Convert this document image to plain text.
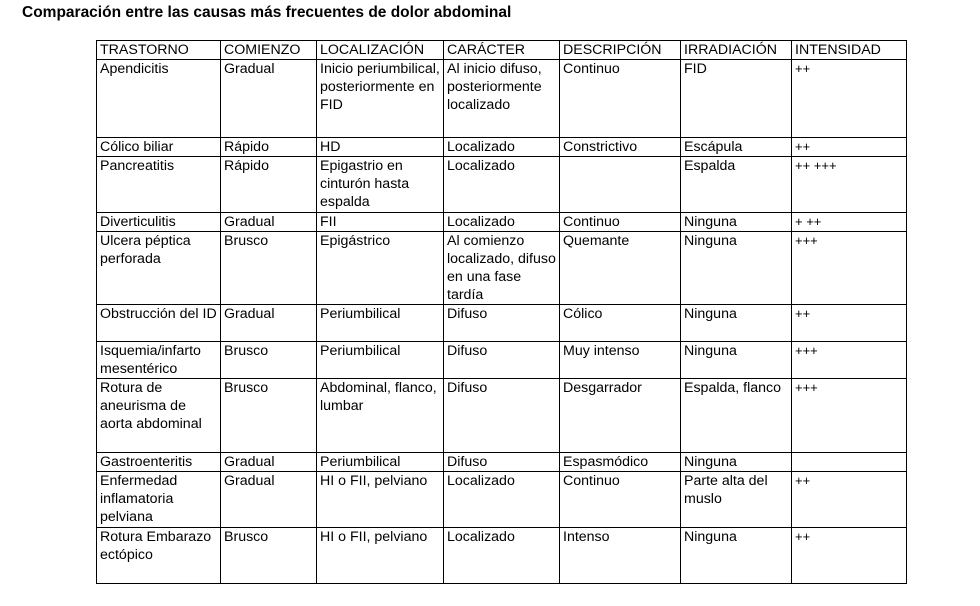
Comparación entre las causas más frecuentes de dolor abdominal
TRASTORNO	COMIENZO	LOCALIZACIÓN	CARÁCTER	DESCRIPCIÓN	IRRADIACIÓN	INTENSIDAD
Apendicitis	Gradual	Inicio periumbilical, posteriormente en FID	Al inicio difuso, posteriormente localizado	Continuo	FID	++
Cólico biliar	Rápido	HD	Localizado	Constrictivo	Escápula	++
Pancreatitis	Rápido	Epigastrio en cinturón hasta espalda	Localizado		Espalda	++ +++
Diverticulitis	Gradual	FII	Localizado	Continuo	Ninguna	+ ++
Ulcera péptica perforada	Brusco	Epigástrico	Al comienzo localizado, difuso en una fase tardía	Quemante	Ninguna	+++
Obstrucción del ID	Gradual	Periumbilical	Difuso	Cólico	Ninguna	++
Isquemia/infarto mesentérico	Brusco	Periumbilical	Difuso	Muy intenso	Ninguna	+++
Rotura de aneurisma de aorta abdominal	Brusco	Abdominal, flanco, lumbar	Difuso	Desgarrador	Espalda, flanco	+++
Gastroenteritis	Gradual	Periumbilical	Difuso	Espasmódico	Ninguna	
Enfermedad inflamatoria pelviana	Gradual	HI o FII, pelviano	Localizado	Continuo	Parte alta del muslo	++
Rotura Embarazo ectópico	Brusco	HI o FII, pelviano	Localizado	Intenso	Ninguna	++
